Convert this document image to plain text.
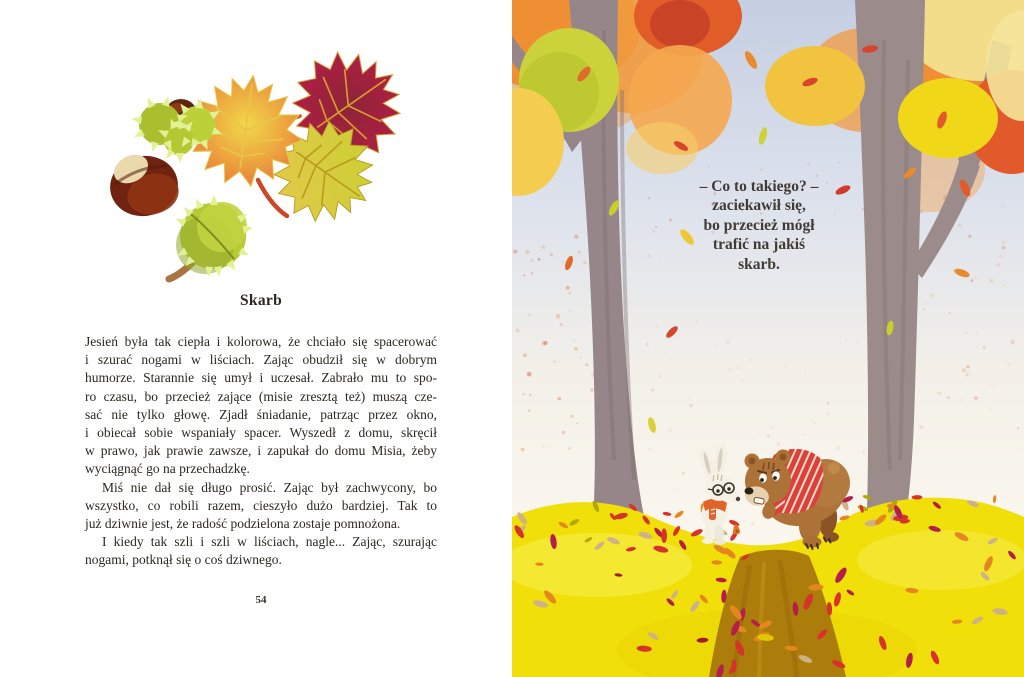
Skarb
Jesień była tak ciepła i kolorowa, że chciało się spacerować
i szurać nogami w liściach. Zając obudził się w dobrym
humorze. Starannie się umył i uczesał. Zabrało mu to spo-
ro czasu, bo przecież zające (misie zresztą też) muszą cze-
sać nie tylko głowę. Zjadł śniadanie, patrząc przez okno,
i obiecał sobie wspaniały spacer. Wyszedł z domu, skręcił
w prawo, jak prawie zawsze, i zapukał do domu Misia, żeby
wyciągnąć go na przechadzkę.
Miś nie dał się długo prosić. Zając był zachwycony, bo
wszystko, co robili razem, cieszyło dużo bardziej. Tak to
już dziwnie jest, że radość podzielona zostaje pomnożona.
I kiedy tak szli i szli w liściach, nagle... Zając, szurając
nogami, potknął się o coś dziwnego.
54
– Co to takiego? –
zaciekawił się,
bo przecież mógł
trafić na jakiś
skarb.
